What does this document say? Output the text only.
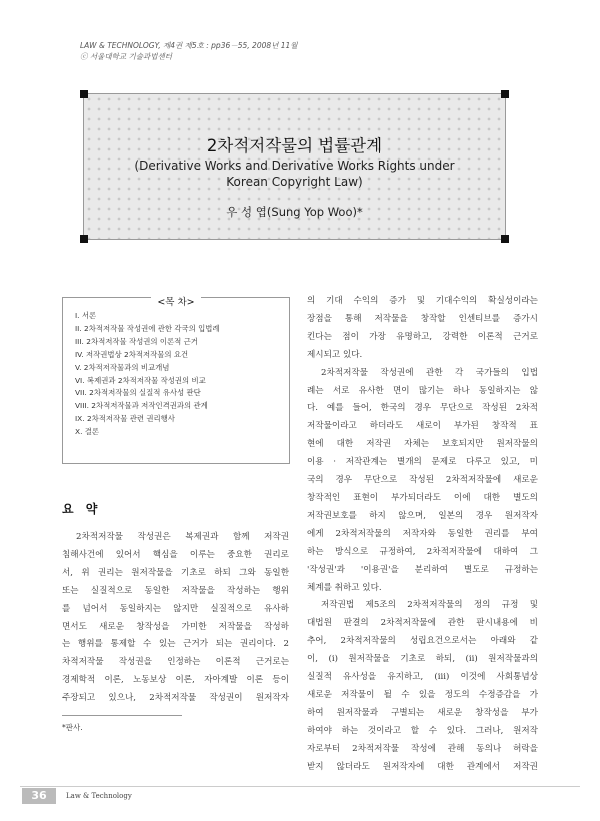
LAW & TECHNOLOGY, 제4권 제5호 : pp36－55, 2008년 11월
ⓒ 서울대학교 기술과법센터
2차적저작물의 법률관계
(Derivative Works and Derivative Works Rights under
Korean Copyright Law)
우 성 엽(Sung Yop Woo)*
<목 차>
I. 서론
II. 2차적저작물 작성권에 관한 각국의 입법례
III. 2차적저작물 작성권의 이론적 근거
IV. 저작권법상 2차적저작물의 요건
V. 2차적저작물과의 비교개념
VI. 복제권과 2차적저작물 작성권의 비교
VII. 2차적저작물의 실질적 유사성 판단
VIII. 2차적저작물과 저작인격권과의 관계
IX. 2차적저작물 관련 권리행사
X. 결론
요 약
2차적저작물 작성권은 복제권과 함께 저작권
침해사건에 있어서 핵심을 이루는 중요한 권리로
서, 위 권리는 원저작물을 기초로 하되 그와 동일한
또는 실질적으로 동일한 저작물을 작성하는 행위
를 넘어서 동일하지는 않지만 실질적으로 유사하
면서도 새로운 창작성을 가미한 저작물을 작성하
는 행위를 통제할 수 있는 근거가 되는 권리이다. 2
차적저작물 작성권을 인정하는 이론적 근거로는
경제학적 이론, 노동보상 이론, 자아계발 이론 등이
주장되고 있으나, 2차적저작물 작성권이 원저작자
의 기대 수익의 증가 및 기대수익의 확실성이라는
장점을 통해 저작물을 창작할 인센티브를 증가시
킨다는 점이 가장 유명하고, 강력한 이론적 근거로
제시되고 있다.
2차적저작물 작성권에 관한 각 국가들의 입법
례는 서로 유사한 면이 많기는 하나 동일하지는 않
다. 예를 들어, 한국의 경우 무단으로 작성된 2차적
저작물이라고 하더라도 새로이 부가된 창작적 표
현에 대한 저작권 자체는 보호되지만 원저작물의
이용 · 저작관계는 별개의 문제로 다루고 있고, 미
국의 경우 무단으로 작성된 2차적저작물에 새로운
창작적인 표현이 부가되더라도 이에 대한 별도의
저작권보호를 하지 않으며, 일본의 경우 원저작자
에게 2차적저작물의 저작자와 동일한 권리를 부여
하는 방식으로 규정하여, 2차적저작물에 대하여 그
'작성권'과 '이용권'을 분리하여 별도로 규정하는
체계를 취하고 있다.
저작권법 제5조의 2차적저작물의 정의 규정 및
대법원 판결의 2차적저작물에 관한 판시내용에 비
추어, 2차적저작물의 성립요건으로서는 아래와 같
이, (i) 원저작물을 기초로 하되, (ii) 원저작물과의
실질적 유사성을 유지하고, (iii) 이것에 사회통념상
새로운 저작물이 될 수 있을 정도의 수정증감을 가
하여 원저작물과 구별되는 새로운 창작성을 부가
하여야 하는 것이라고 할 수 있다. 그러나, 원저작
자로부터 2차적저작물 작성에 관해 동의나 허락을
받지 않더라도 원저작자에 대한 관계에서 저작권
*판사.
36	Law & Technology
